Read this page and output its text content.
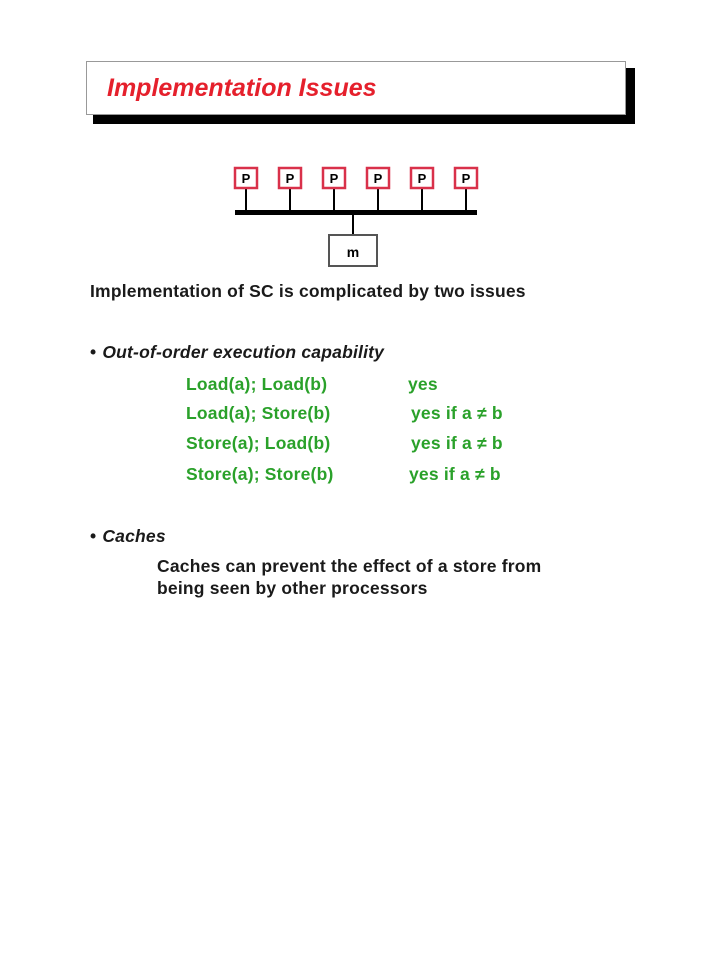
Implementation Issues
m
P	P	P	P	P	P
Implementation of SC is complicated by two issues
• Out-of-order execution capability
Load(a); Load(b)	yes
Load(a); Store(b)	yes if a ≠ b
Store(a); Load(b)	yes if a ≠ b
Store(a); Store(b)	yes if a ≠ b
• Caches
Caches can prevent the effect of a store from
being seen by other processors
